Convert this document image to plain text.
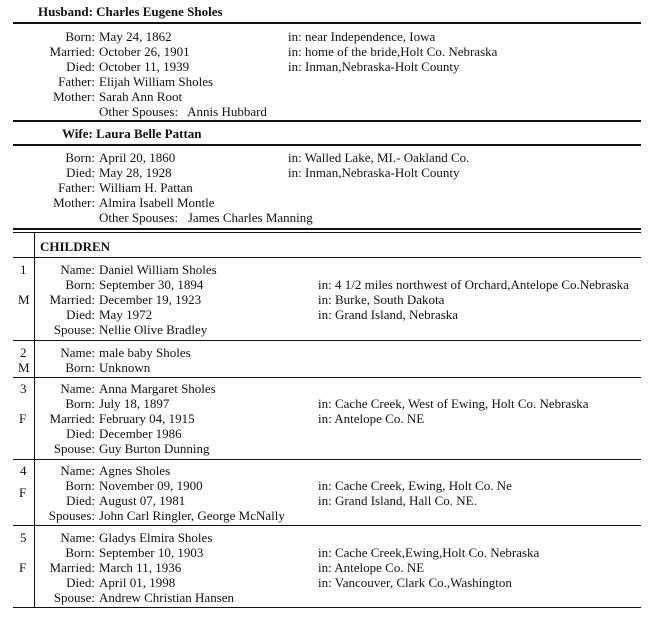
Husband: Charles Eugene Sholes
Born: May 24, 1862	in: near Independence, Iowa
Married: October 26, 1901	in: home of the bride,Holt Co. Nebraska
Died: October 11, 1939	in: Inman,Nebraska-Holt County
Father: Elijah William Sholes
Mother: Sarah Ann Root
Other Spouses: Annis Hubbard
Wife: Laura Belle Pattan
Born: April 20, 1860	in: Walled Lake, MI.- Oakland Co.
Died: May 28, 1928	in: Inman,Nebraska-Holt County
Father: William H. Pattan
Mother: Almira Isabell Montle
Other Spouses: James Charles Manning
CHILDREN
1
M
Name: Daniel William Sholes
Born: September 30, 1894	in: 4 1/2 miles northwest of Orchard,Antelope Co.Nebraska
Married: December 19, 1923	in: Burke, South Dakota
Died: May 1972	in: Grand Island, Nebraska
Spouse: Nellie Olive Bradley
2
M
Name: male baby Sholes
Born: Unknown
3
F
Name: Anna Margaret Sholes
Born: July 18, 1897	in: Cache Creek, West of Ewing, Holt Co. Nebraska
Married: February 04, 1915	in: Antelope Co. NE
Died: December 1986
Spouse: Guy Burton Dunning
4
F
Name: Agnes Sholes
Born: November 09, 1900	in: Cache Creek, Ewing, Holt Co. Ne
Died: August 07, 1981	in: Grand Island, Hall Co. NE.
Spouses: John Carl Ringler, George McNally
5
F
Name: Gladys Elmira Sholes
Born: September 10, 1903	in: Cache Creek,Ewing,Holt Co. Nebraska
Married: March 11, 1936	in: Antelope Co. NE
Died: April 01, 1998	in: Vancouver, Clark Co.,Washington
Spouse: Andrew Christian Hansen
